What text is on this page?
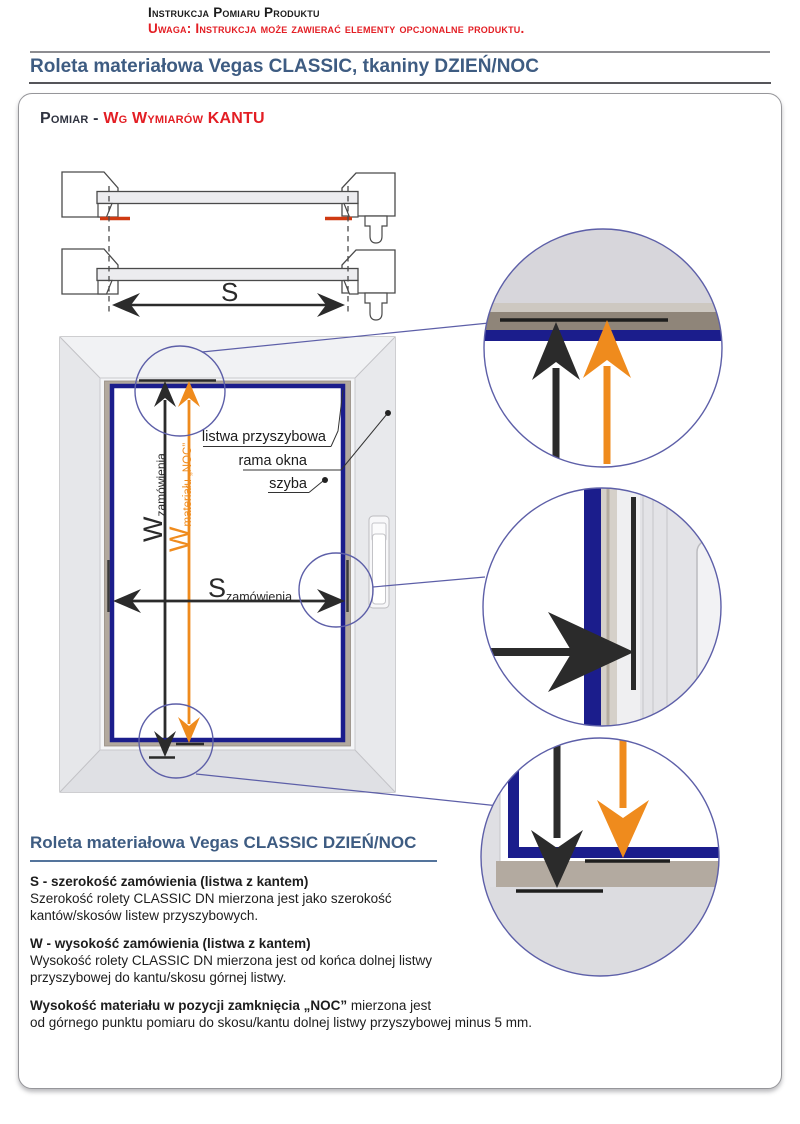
Instrukcja Pomiaru Produktu
Uwaga: Instrukcja może zawierać elementy opcjonalne produktu.
Roleta materiałowa Vegas CLASSIC, tkaniny DZIEŃ/NOC
Pomiar - Wg Wymiarów KANTU
S
Wzamówienia
Wmateriału „NOC”
$S_{zamówienia}$
listwa przyszybowa
rama okna
szyba
Roleta materiałowa Vegas CLASSIC DZIEŃ/NOC
S - szerokość zamówienia (listwa z kantem)
Szerokość rolety CLASSIC DN mierzona jest jako szerokość
kantów/skosów listew przyszybowych.
W - wysokość zamówienia (listwa z kantem)
Wysokość rolety CLASSIC DN mierzona jest od końca dolnej listwy
przyszybowej do kantu/skosu górnej listwy.
Wysokość materiału w pozycji zamknięcia „NOC” mierzona jest
od górnego punktu pomiaru do skosu/kantu dolnej listwy przyszybowej minus 5 mm.
